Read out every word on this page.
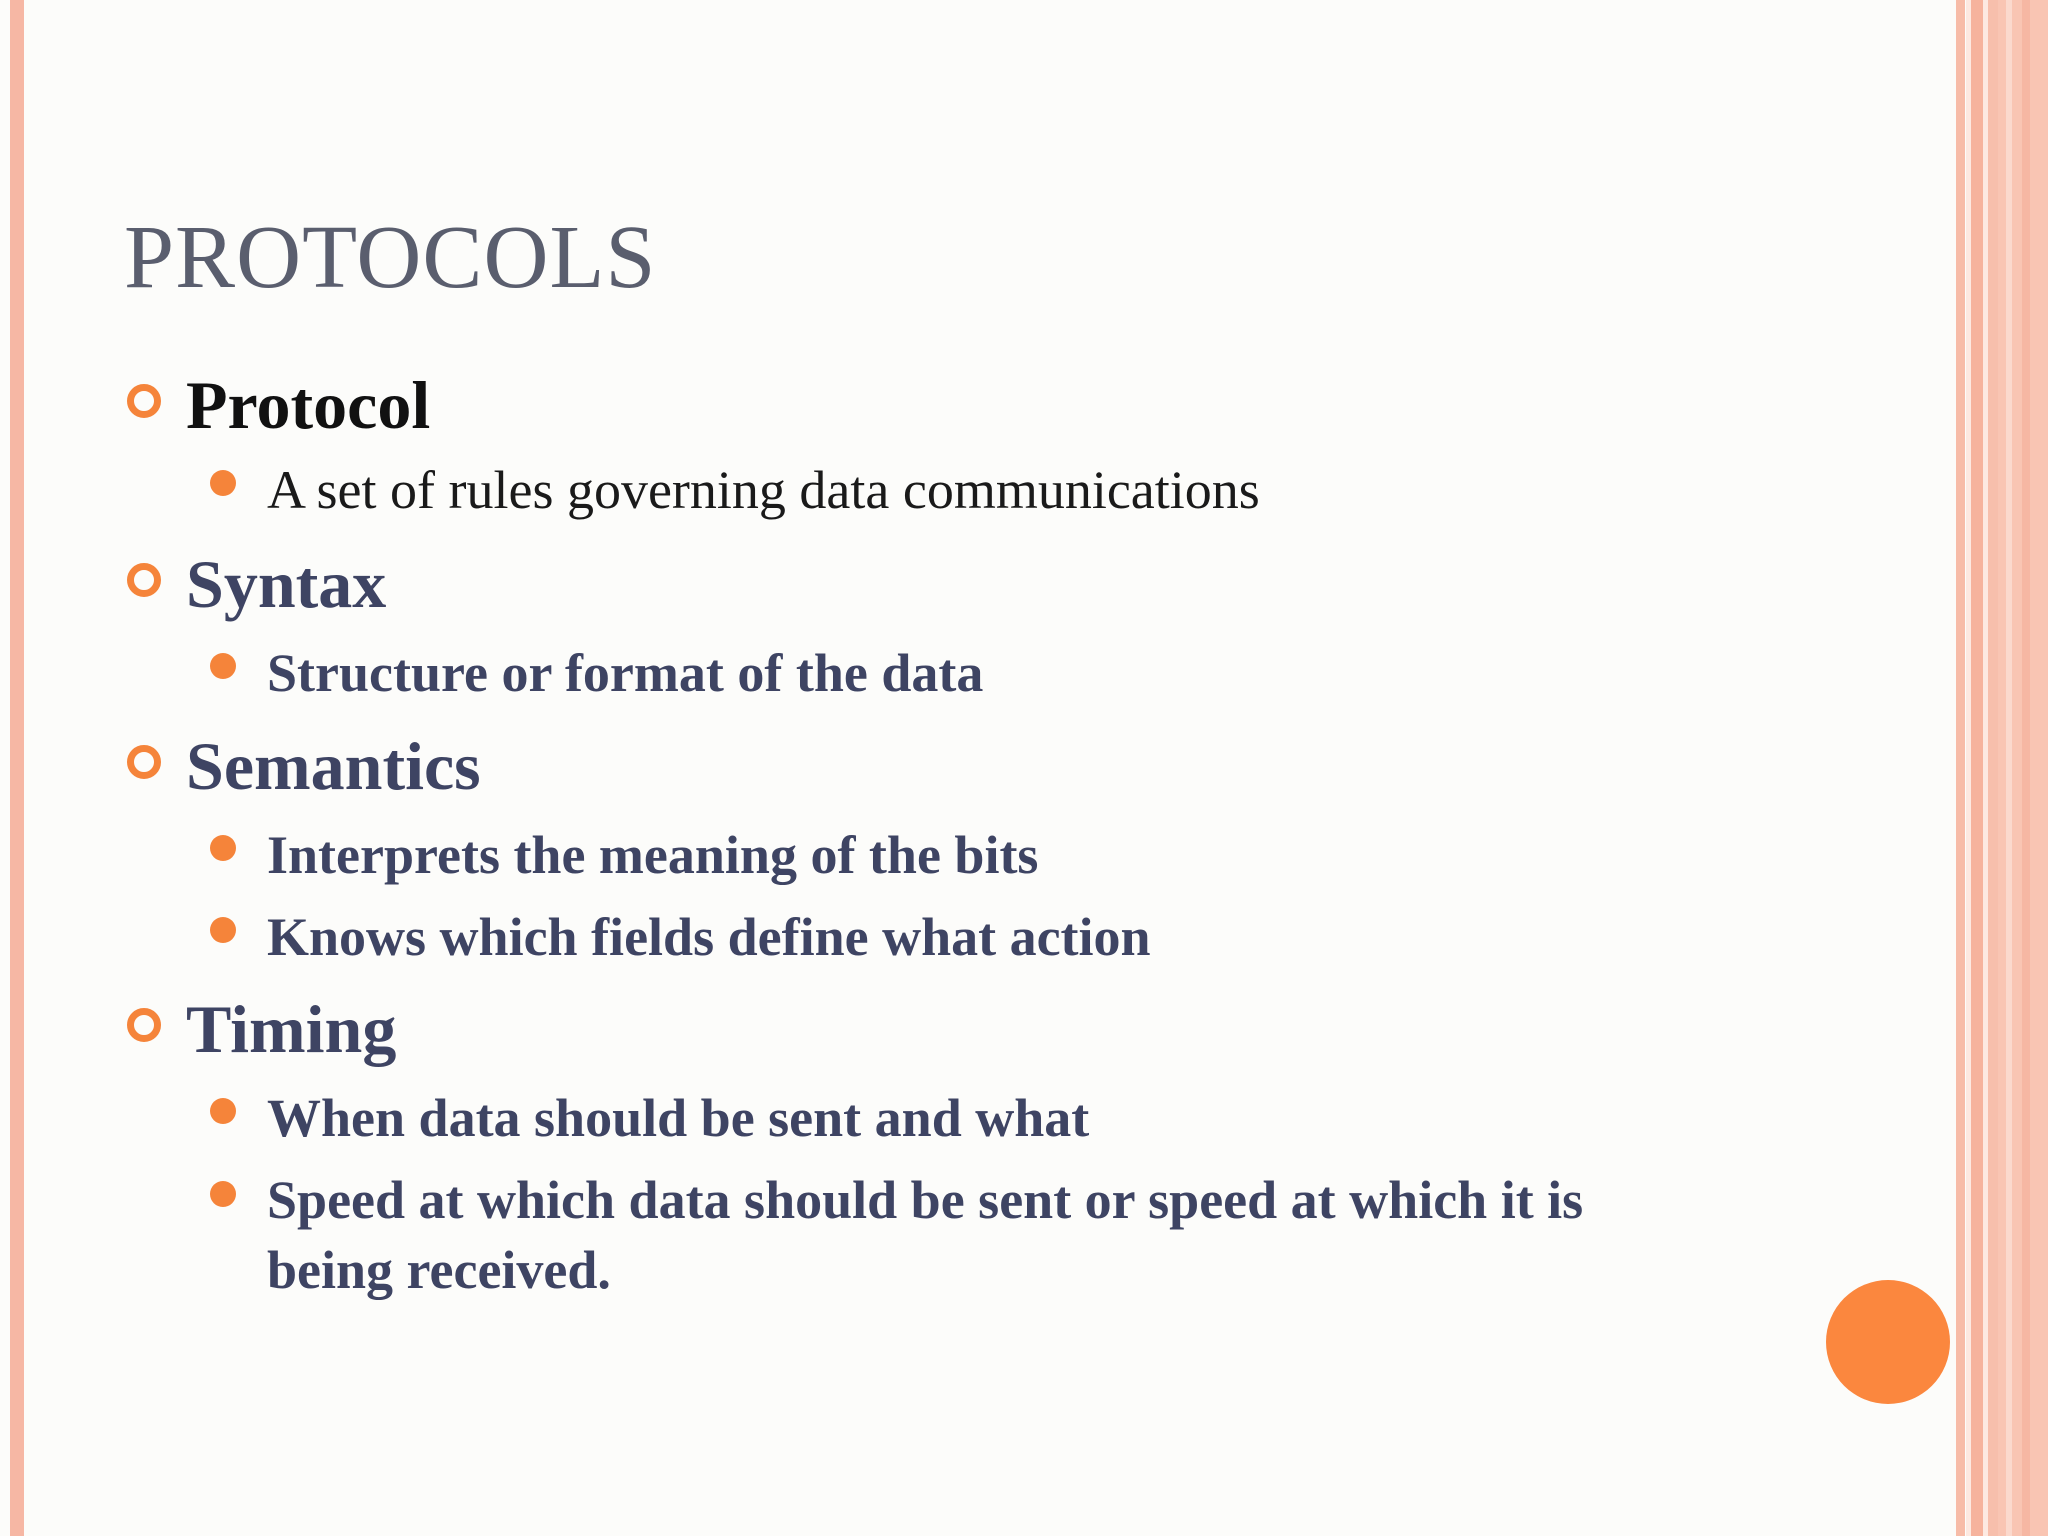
PROTOCOLS
Protocol
A set of rules governing data communications
Syntax
Structure or format of the data
Semantics
Interprets the meaning of the bits
Knows which fields define what action
Timing
When data should be sent and what
Speed at which data should be sent or speed at which it is
being received.
